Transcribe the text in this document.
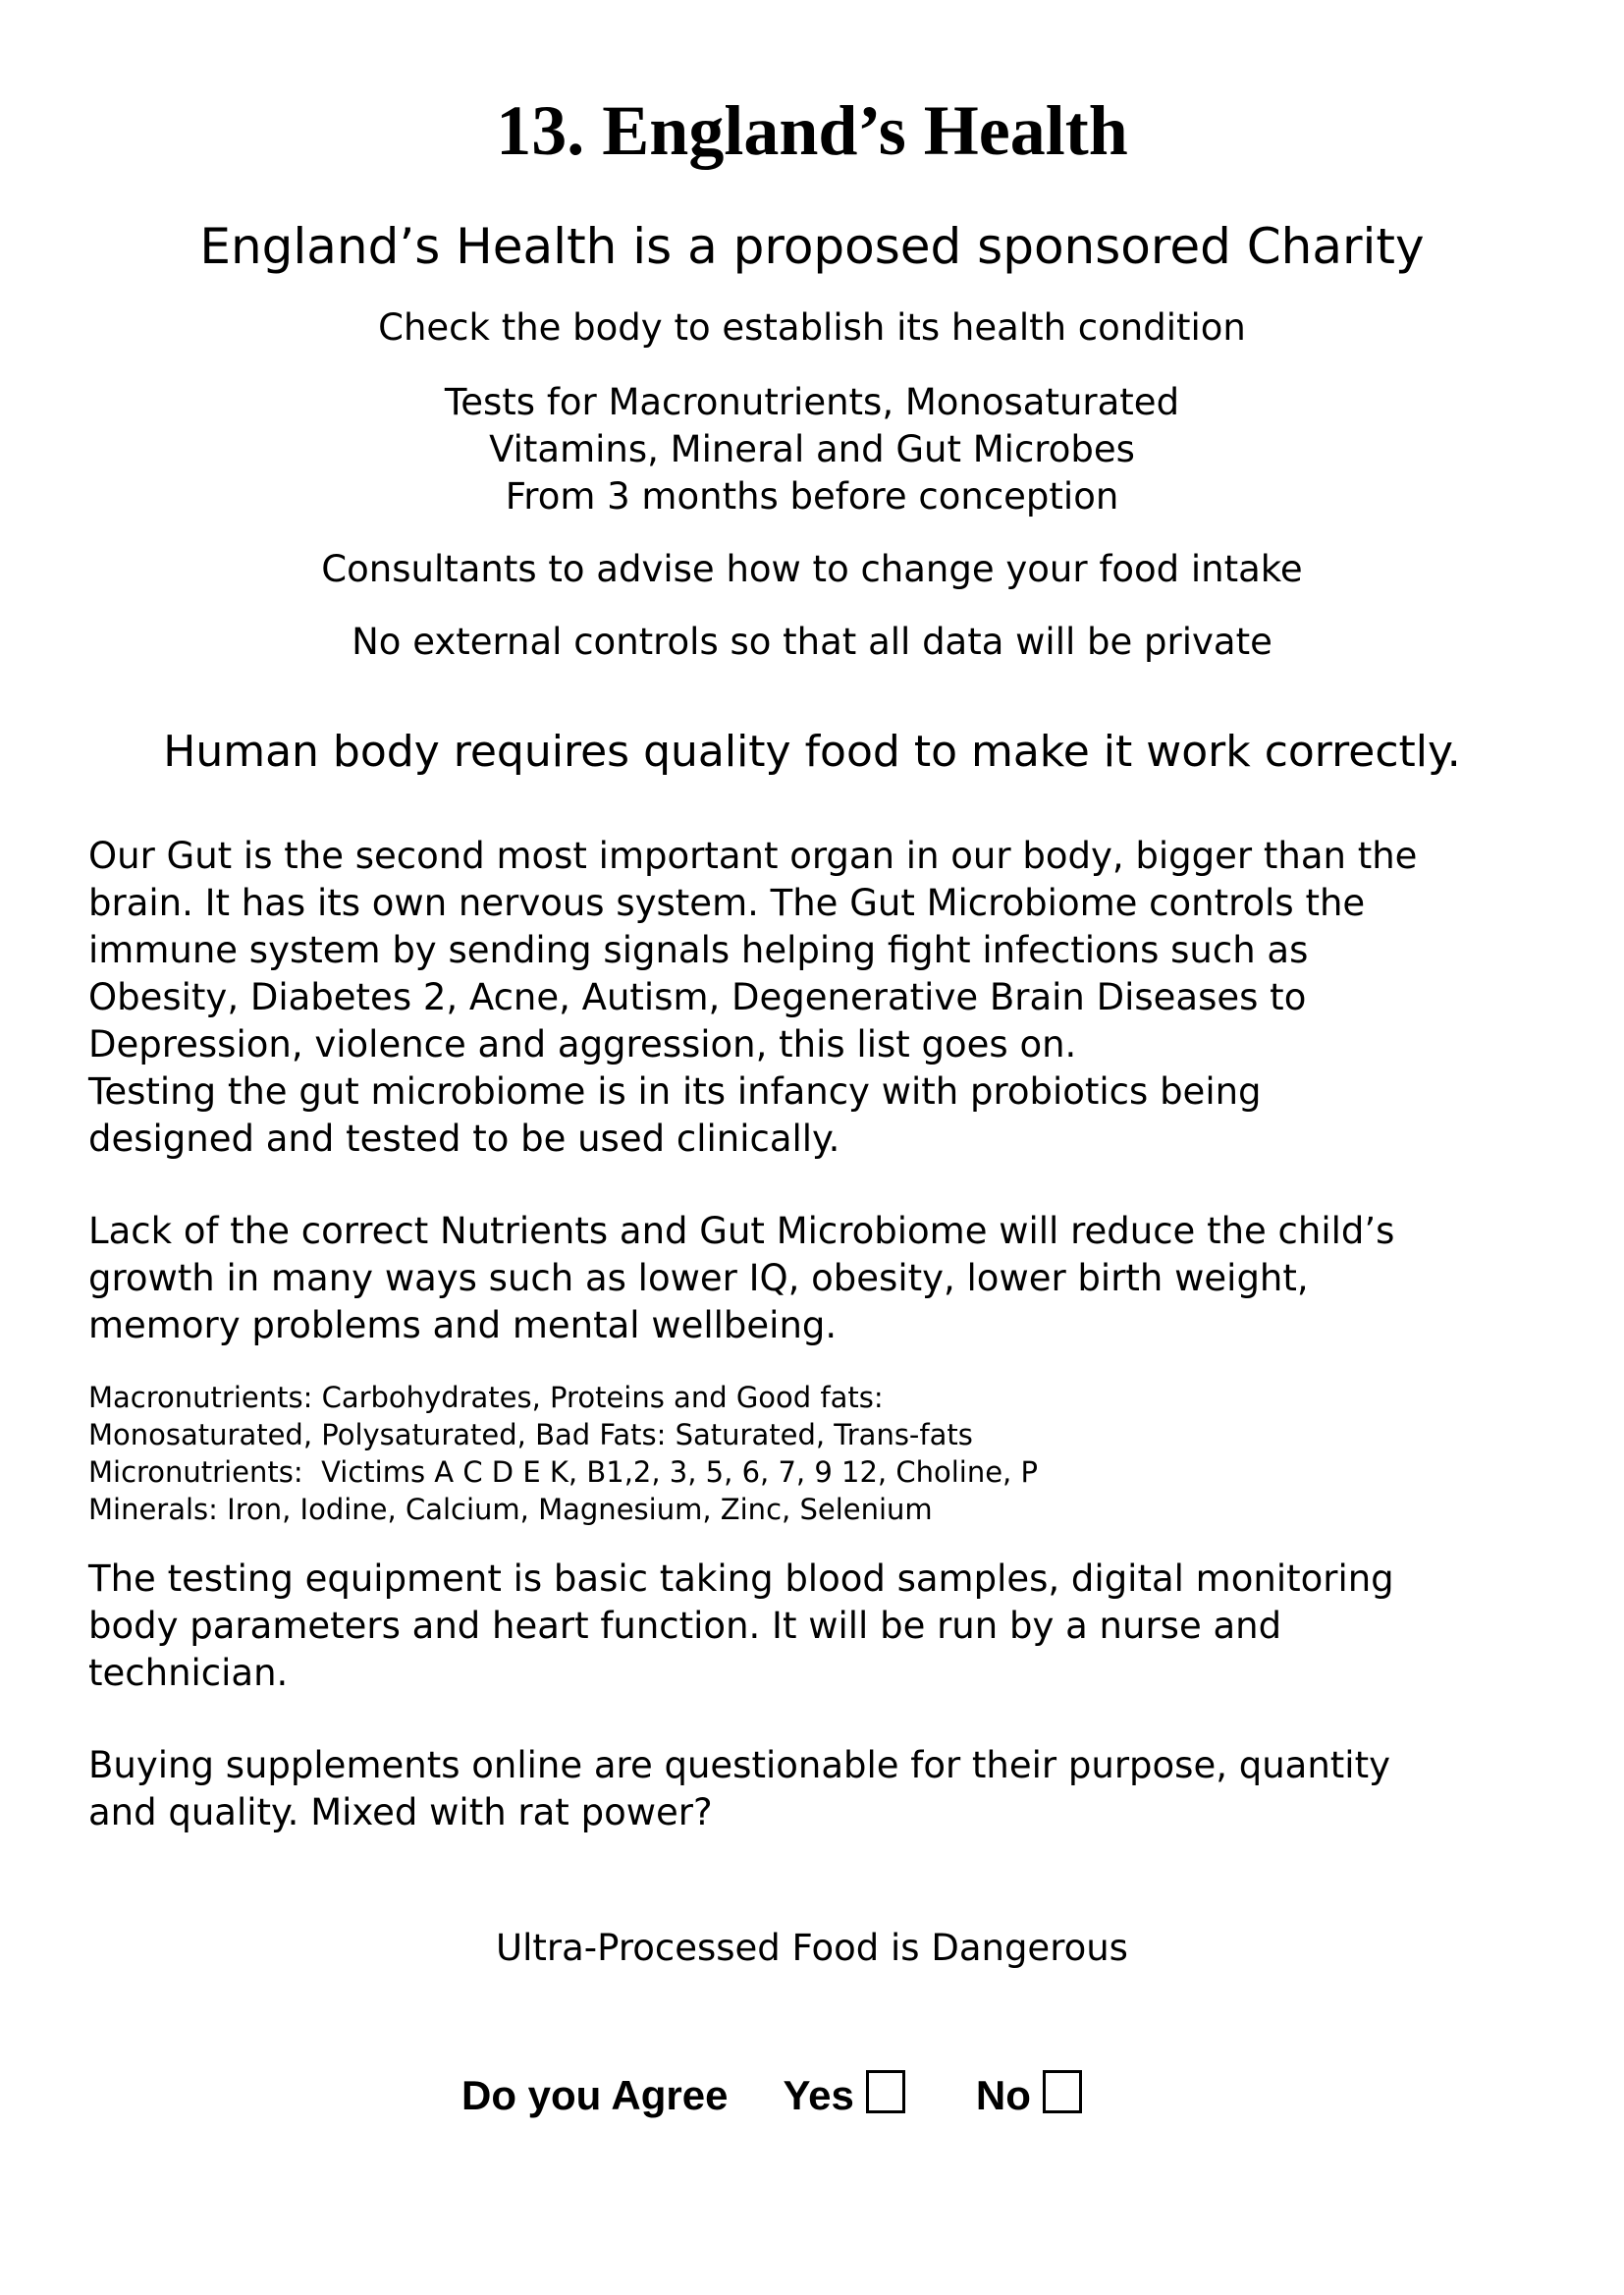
13. England’s Health
England’s Health is a proposed sponsored Charity
Check the body to establish its health condition
Tests for Macronutrients, Monosaturated
Vitamins, Mineral and Gut Microbes
From 3 months before conception
Consultants to advise how to change your food intake
No external controls so that all data will be private
Human body requires quality food to make it work correctly.
Our Gut is the second most important organ in our body, bigger than the
brain. It has its own nervous system. The Gut Microbiome controls the
immune system by sending signals helping fight infections such as
Obesity, Diabetes 2, Acne, Autism, Degenerative Brain Diseases to
Depression, violence and aggression, this list goes on.
Testing the gut microbiome is in its infancy with probiotics being
designed and tested to be used clinically.
Lack of the correct Nutrients and Gut Microbiome will reduce the child’s
growth in many ways such as lower IQ, obesity, lower birth weight,
memory problems and mental wellbeing.
Macronutrients: Carbohydrates, Proteins and Good fats:
Monosaturated, Polysaturated, Bad Fats: Saturated, Trans-fats
Micronutrients:  Victims A C D E K, B1,2, 3, 5, 6, 7, 9 12, Choline, P
Minerals: Iron, Iodine, Calcium, Magnesium, Zinc, Selenium
The testing equipment is basic taking blood samples, digital monitoring
body parameters and heart function. It will be run by a nurse and
technician.
Buying supplements online are questionable for their purpose, quantity
and quality. Mixed with rat power?
Ultra-Processed Food is Dangerous
Do you Agree Yes	No
